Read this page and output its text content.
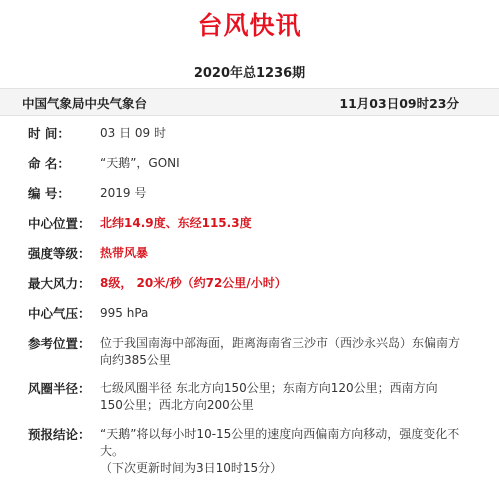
台风快讯
2020年总1236期
中国气象局中央气象台	11月03日09时23分
时 间：	03 日 09 时
命 名：	“天鹅”，GONI
编 号：	2019 号
中心位置： 北纬14.9度、东经115.3度
强度等级： 热带风暴
最大风力： 8级， 20米/秒（约72公里/小时）
中心气压： 995 hPa
参考位置： 位于我国南海中部海面，距离海南省三沙市（西沙永兴岛）东偏南方向约385公里
风圈半径： 七级风圈半径 东北方向150公里；东南方向120公里；西南方向150公里；西北方向200公里
预报结论： “天鹅”将以每小时10-15公里的速度向西偏南方向移动，强度变化不大。
（下次更新时间为3日10时15分）
